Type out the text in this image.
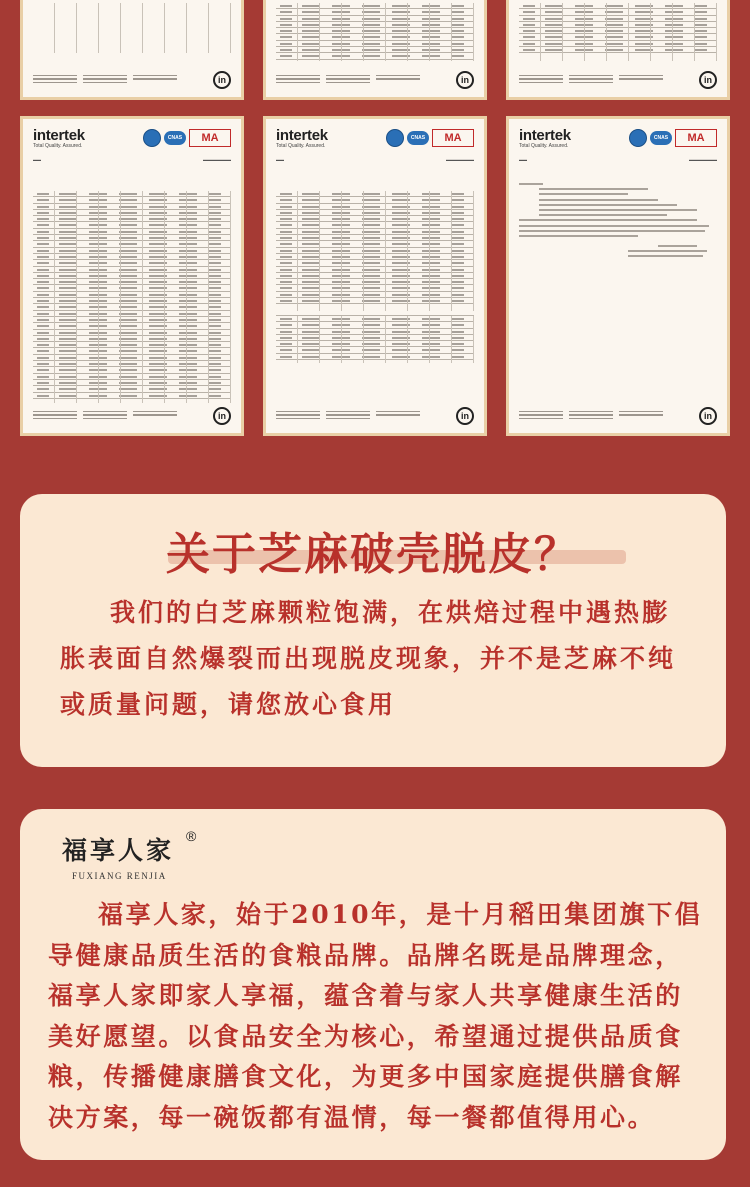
in	in	in
intertek
Total Quality. Assured.
CNAS	MA
▬▬	▬▬▬▬▬▬▬
in
intertek
Total Quality. Assured.
CNAS	MA
▬▬	▬▬▬▬▬▬▬
in
intertek
Total Quality. Assured.
CNAS	MA
▬▬	▬▬▬▬▬▬▬
in
关于芝麻破壳脱皮？
我们的白芝麻颗粒饱满，在烘焙过程中遇热膨胀表面自然爆裂而出现脱皮现象，并不是芝麻不纯或质量问题，请您放心食用
福享人家 ®
FUXIANG RENJIA
福享人家，始于2010年，是十月稻田集团旗下倡导健康品质生活的食粮品牌。品牌名既是品牌理念，福享人家即家人享福，蕴含着与家人共享健康生活的美好愿望。以食品安全为核心，希望通过提供品质食粮，传播健康膳食文化，为更多中国家庭提供膳食解决方案，每一碗饭都有温情，每一餐都值得用心。
